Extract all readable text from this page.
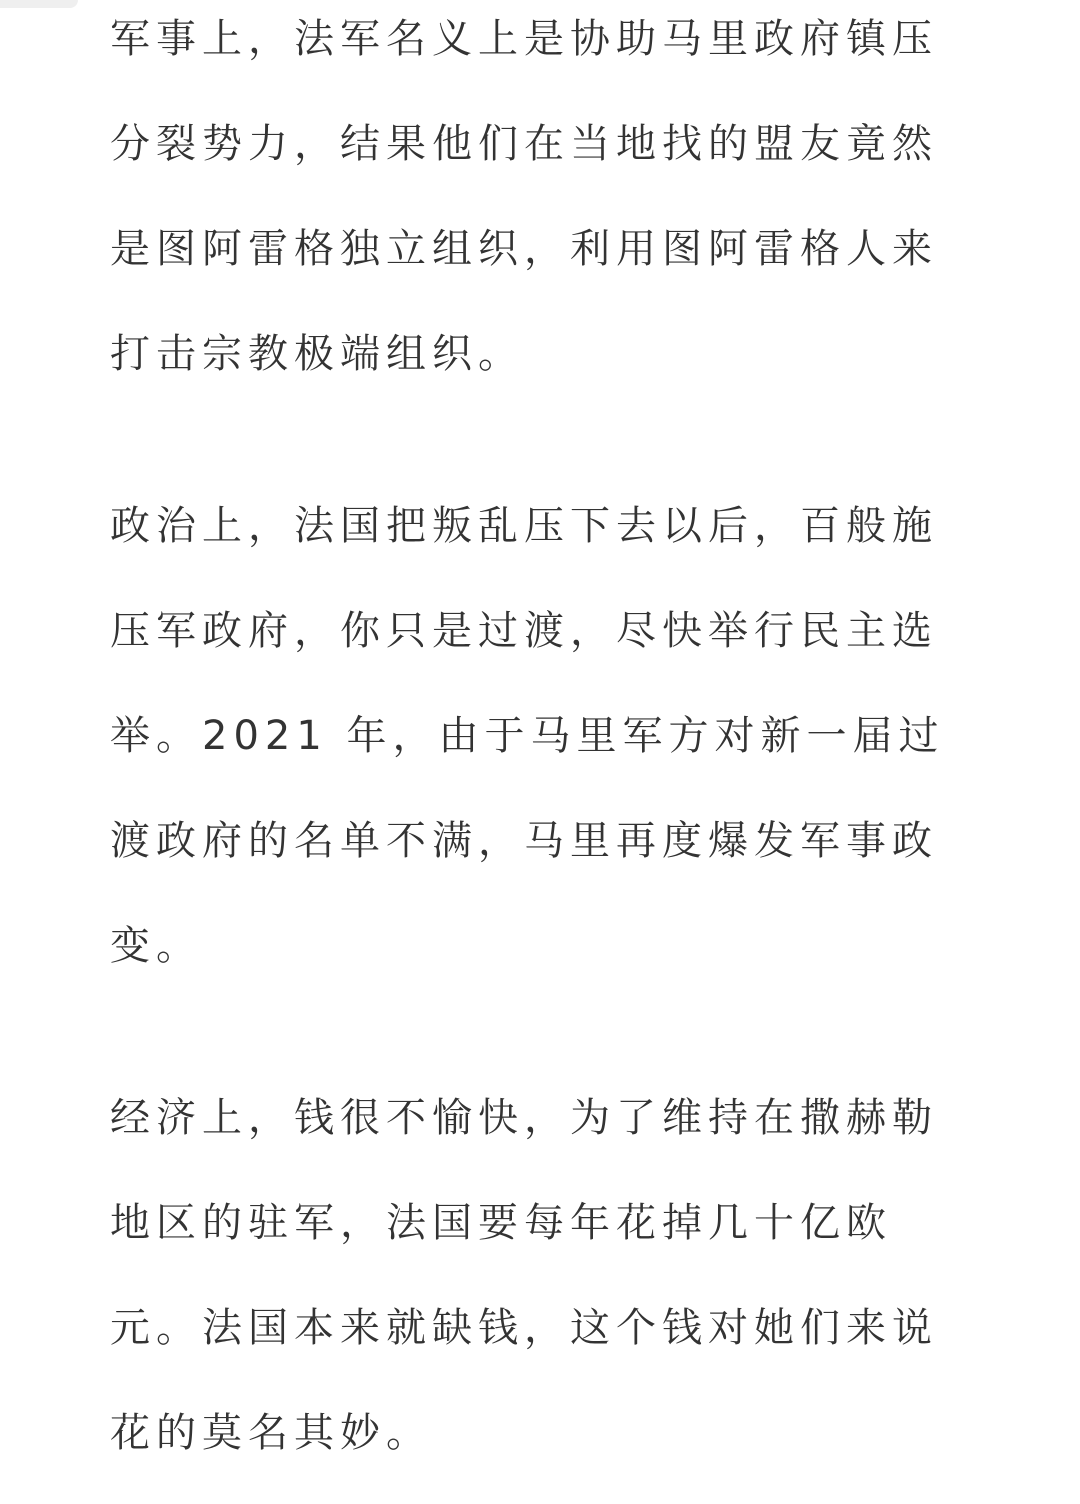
军事上，法军名义上是协助马里政府镇压
分裂势力，结果他们在当地找的盟友竟然
是图阿雷格独立组织，利用图阿雷格人来
打击宗教极端组织。

政治上，法国把叛乱压下去以后，百般施
压军政府，你只是过渡，尽快举行民主选
举。2021 年，由于马里军方对新一届过
渡政府的名单不满，马里再度爆发军事政
变。

经济上，钱很不愉快，为了维持在撒赫勒
地区的驻军，法国要每年花掉几十亿欧
元。法国本来就缺钱，这个钱对她们来说
花的莫名其妙。
